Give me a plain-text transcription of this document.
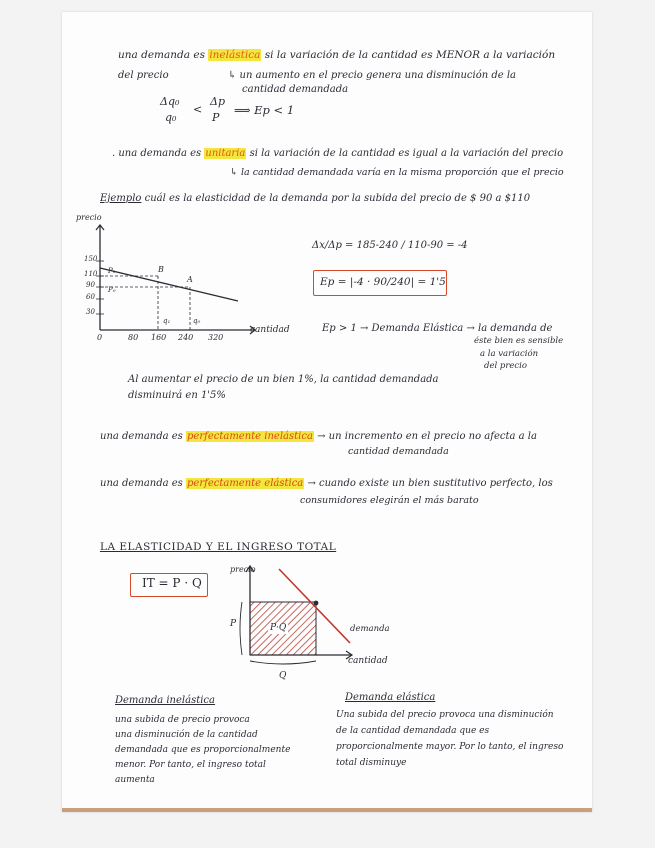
una demanda es inelástica si la variación de la cantidad es MENOR a la variación
del precio	↳ un aumento en el precio genera una disminución de la
cantidad demandada
Δq₀
q₀
<
Δp
P
⟹ Ep < 1
. una demanda es unitaria si la variación de la cantidad es igual a la variación del precio
↳ la cantidad demandada varía en la misma proporción que el precio
Ejemplo cuál es la elasticidad de la demanda por la subida del precio de $ 90 a $110
Δx/Δp = 185-240 / 110-90 = -4
Ep = |-4 · 90/240| = 1'5
Ep > 1 → Demanda Elástica → la demanda de
éste bien es sensible
a la variación
del precio
Al aumentar el precio de un bien 1%, la cantidad demandada
disminuirá en 1'5%
precio
cantidad
150
110
90
60
30
0	80 160 240 320
P₁
P₀
B
A
q₁	q₀
una demanda es perfectamente inelástica → un incremento en el precio no afecta a la
cantidad demandada
una demanda es perfectamente elástica → cuando existe un bien sustitutivo perfecto, los
consumidores elegirán el más barato
LA ELASTICIDAD Y EL INGRESO TOTAL
IT = P · Q
precio
cantidad
P
Q
P·Q	demanda
Demanda inelástica
una subida de precio provoca
una disminución de la cantidad
demandada que es proporcionalmente
menor. Por tanto, el ingreso total
aumenta
Demanda elástica
Una subida del precio provoca una disminución
de la cantidad demandada que es
proporcionalmente mayor. Por lo tanto, el ingreso
total disminuye
